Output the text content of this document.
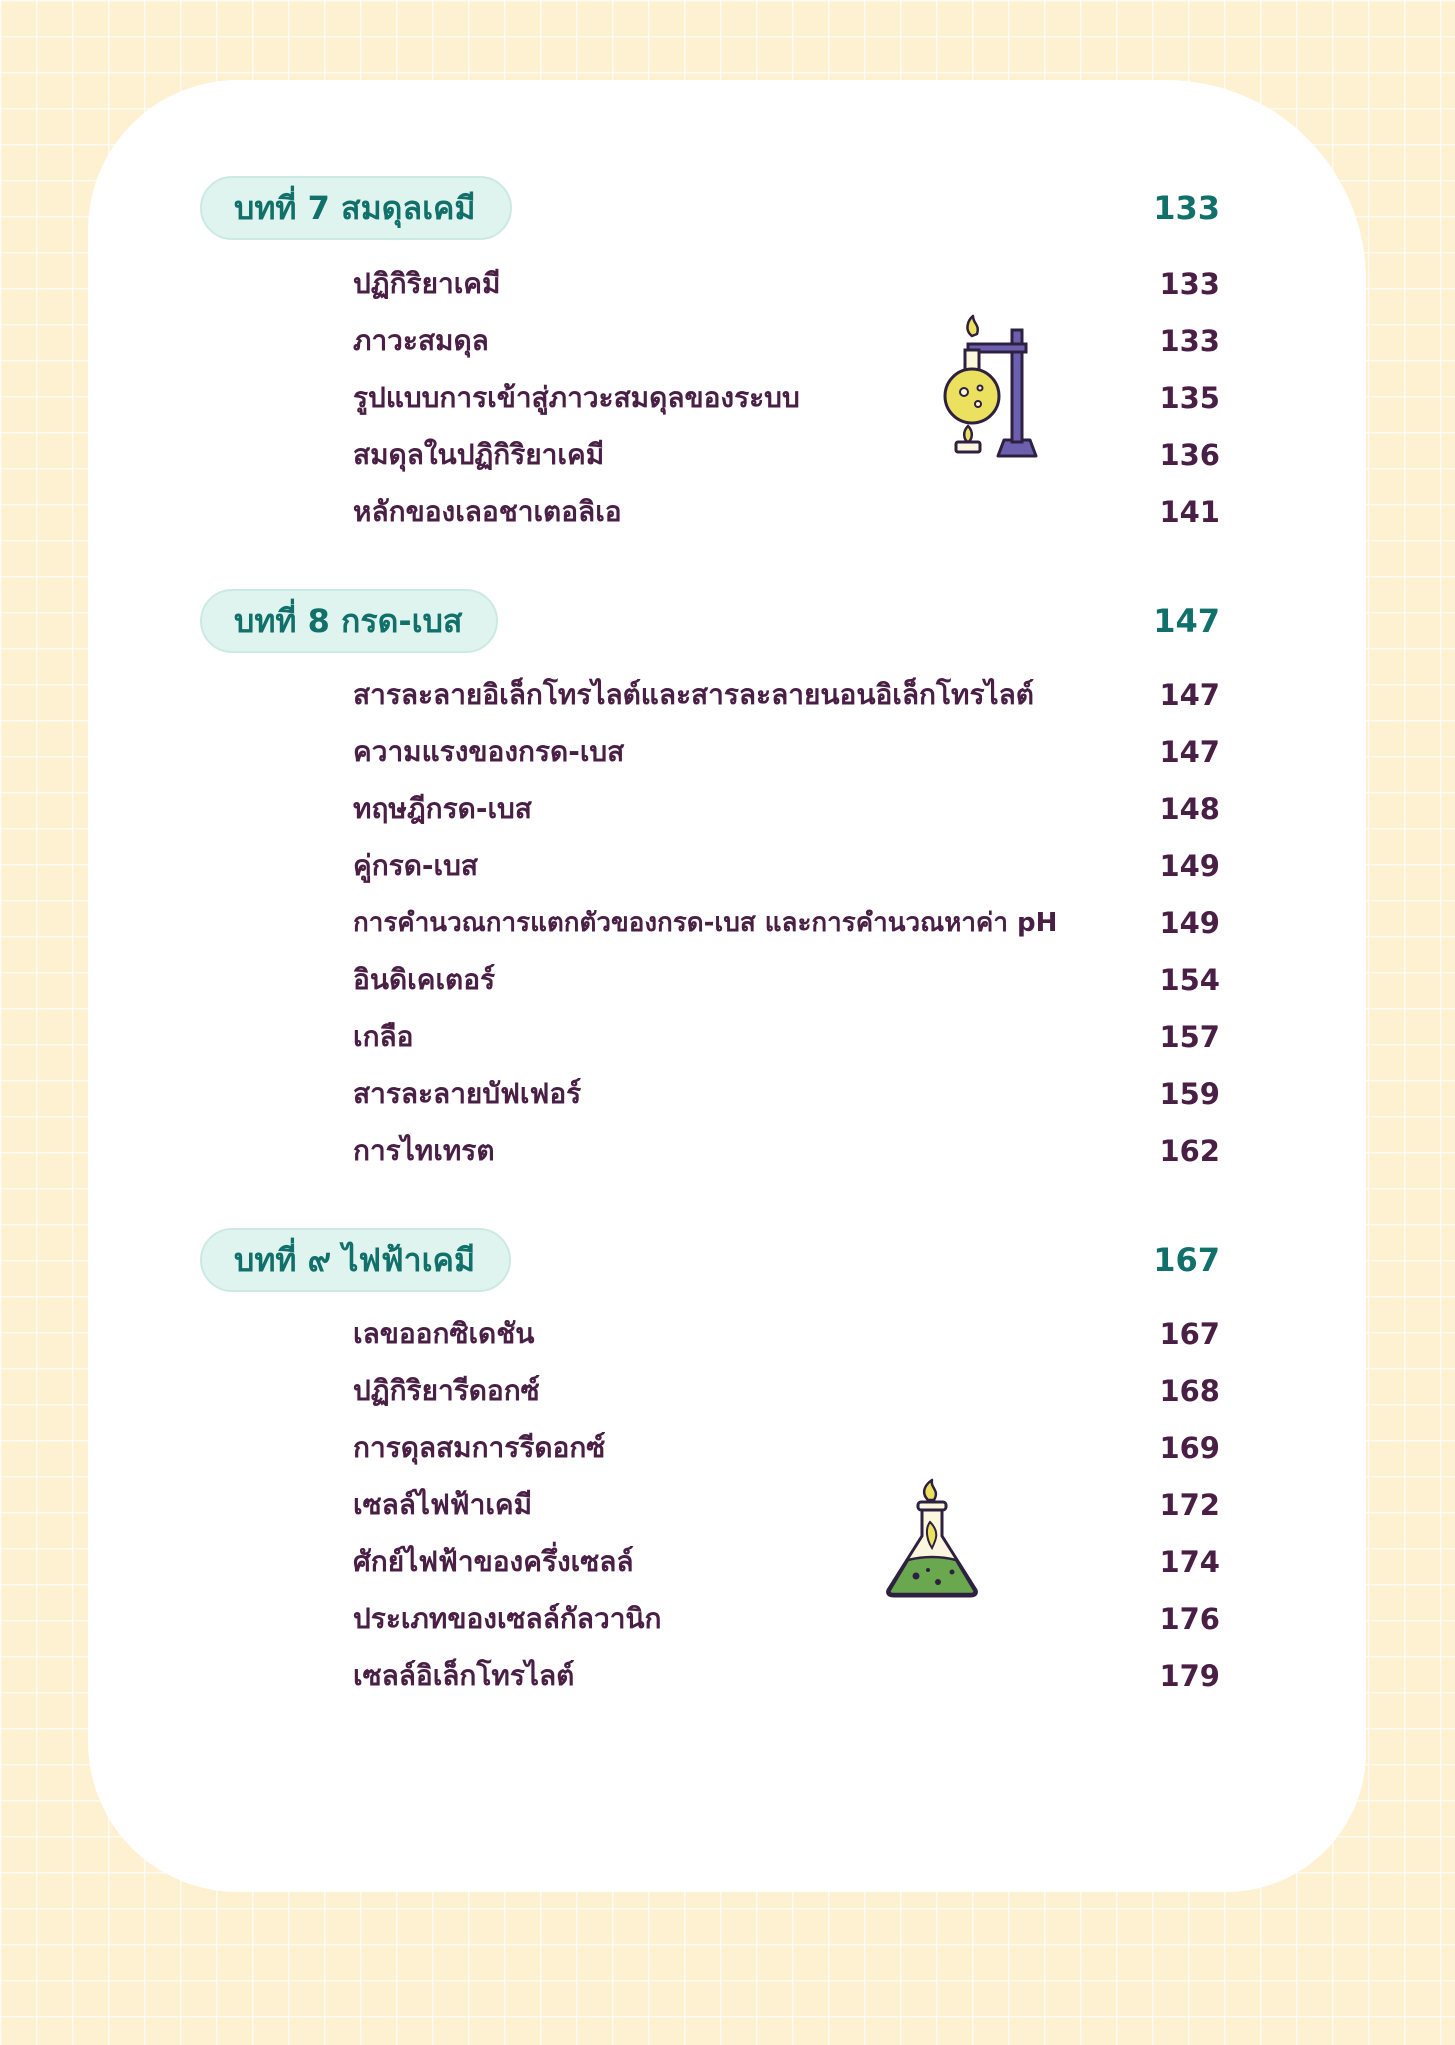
บทที่ 7 สมดุลเคมี	133
ปฏิกิริยาเคมี	133
ภาวะสมดุล	133
รูปแบบการเข้าสู่ภาวะสมดุลของระบบ	135
สมดุลในปฏิกิริยาเคมี	136
หลักของเลอชาเตอลิเอ	141
บทที่ 8 กรด-เบส	147
สารละลายอิเล็กโทรไลต์และสารละลายนอนอิเล็กโทรไลต์	147
ความแรงของกรด-เบส	147
ทฤษฎีกรด-เบส	148
คู่กรด-เบส	149
การคำนวณการแตกตัวของกรด-เบส และการคำนวณหาค่า pH	149
อินดิเคเตอร์	154
เกลือ	157
สารละลายบัฟเฟอร์	159
การไทเทรต	162
บทที่ ๙ ไฟฟ้าเคมี	167
เลขออกซิเดชัน	167
ปฏิกิริยารีดอกซ์	168
การดุลสมการรีดอกซ์	169
เซลล์ไฟฟ้าเคมี	172
ศักย์ไฟฟ้าของครึ่งเซลล์	174
ประเภทของเซลล์กัลวานิก	176
เซลล์อิเล็กโทรไลต์	179
